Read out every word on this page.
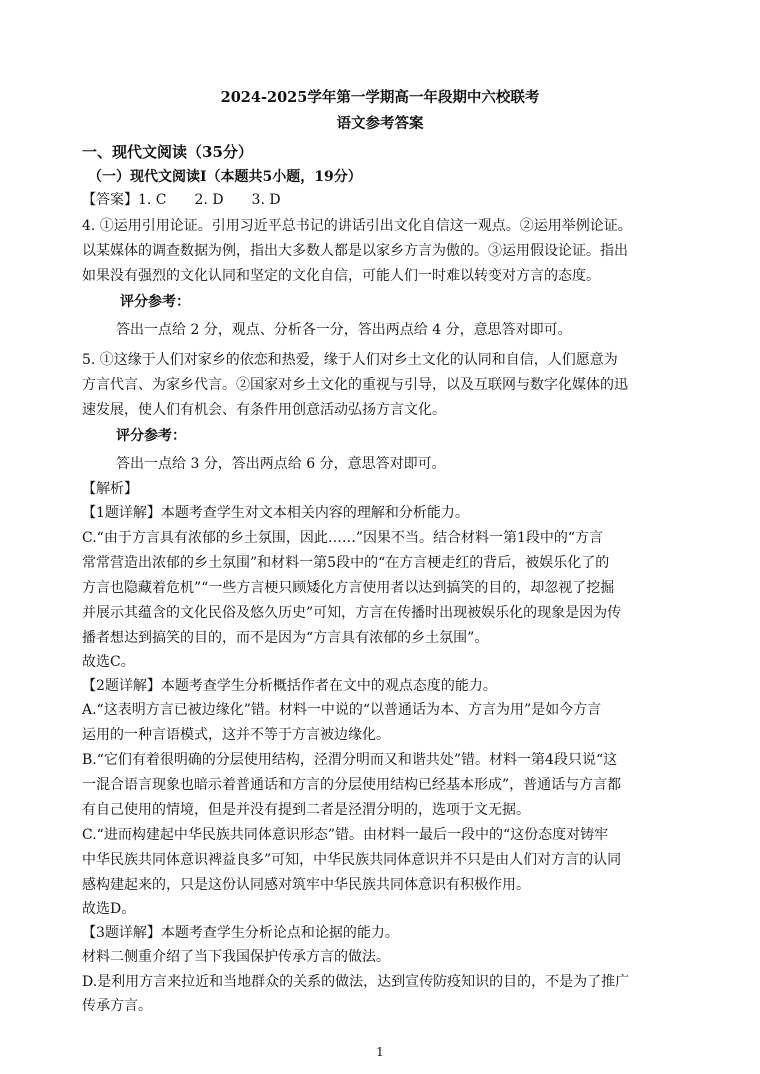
2024-2025学年第一学期高一年段期中六校联考
语文参考答案
一、现代文阅读（35分）
（一）现代文阅读Ⅰ（本题共5小题，19分）
【答案】1. C　　2. D　　3. D
4. ①运用引用论证。引用习近平总书记的讲话引出文化自信这一观点。②运用举例论证。
以某媒体的调查数据为例，指出大多数人都是以家乡方言为傲的。③运用假设论证。指出
如果没有强烈的文化认同和坚定的文化自信，可能人们一时难以转变对方言的态度。
评分参考：
答出一点给 2 分，观点、分析各一分，答出两点给 4 分，意思答对即可。
5. ①这缘于人们对家乡的依恋和热爱，缘于人们对乡土文化的认同和自信，人们愿意为
方言代言、为家乡代言。②国家对乡土文化的重视与引导，以及互联网与数字化媒体的迅
速发展，使人们有机会、有条件用创意活动弘扬方言文化。
评分参考：
答出一点给 3 分，答出两点给 6 分，意思答对即可。
【解析】
【1题详解】本题考查学生对文本相关内容的理解和分析能力。
C.“由于方言具有浓郁的乡土氛围，因此……”因果不当。结合材料一第1段中的“方言
常常营造出浓郁的乡土氛围”和材料一第5段中的“在方言梗走红的背后，被娱乐化了的
方言也隐藏着危机”“一些方言梗只顾矮化方言使用者以达到搞笑的目的，却忽视了挖掘
并展示其蕴含的文化民俗及悠久历史”可知，方言在传播时出现被娱乐化的现象是因为传
播者想达到搞笑的目的，而不是因为“方言具有浓郁的乡土氛围”。
故选C。
【2题详解】本题考查学生分析概括作者在文中的观点态度的能力。
A.“这表明方言已被边缘化”错。材料一中说的“以普通话为本、方言为用”是如今方言
运用的一种言语模式，这并不等于方言被边缘化。
B.“它们有着很明确的分层使用结构，泾渭分明而又和谐共处”错。材料一第4段只说“这
一混合语言现象也暗示着普通话和方言的分层使用结构已经基本形成”，普通话与方言都
有自己使用的情境，但是并没有提到二者是泾渭分明的，选项于文无据。
C.“进而构建起中华民族共同体意识形态”错。由材料一最后一段中的“这份态度对铸牢
中华民族共同体意识裨益良多”可知，中华民族共同体意识并不只是由人们对方言的认同
感构建起来的，只是这份认同感对筑牢中华民族共同体意识有积极作用。
故选D。
【3题详解】本题考查学生分析论点和论据的能力。
材料二侧重介绍了当下我国保护传承方言的做法。
D.是利用方言来拉近和当地群众的关系的做法，达到宣传防疫知识的目的，不是为了推广
传承方言。
1
